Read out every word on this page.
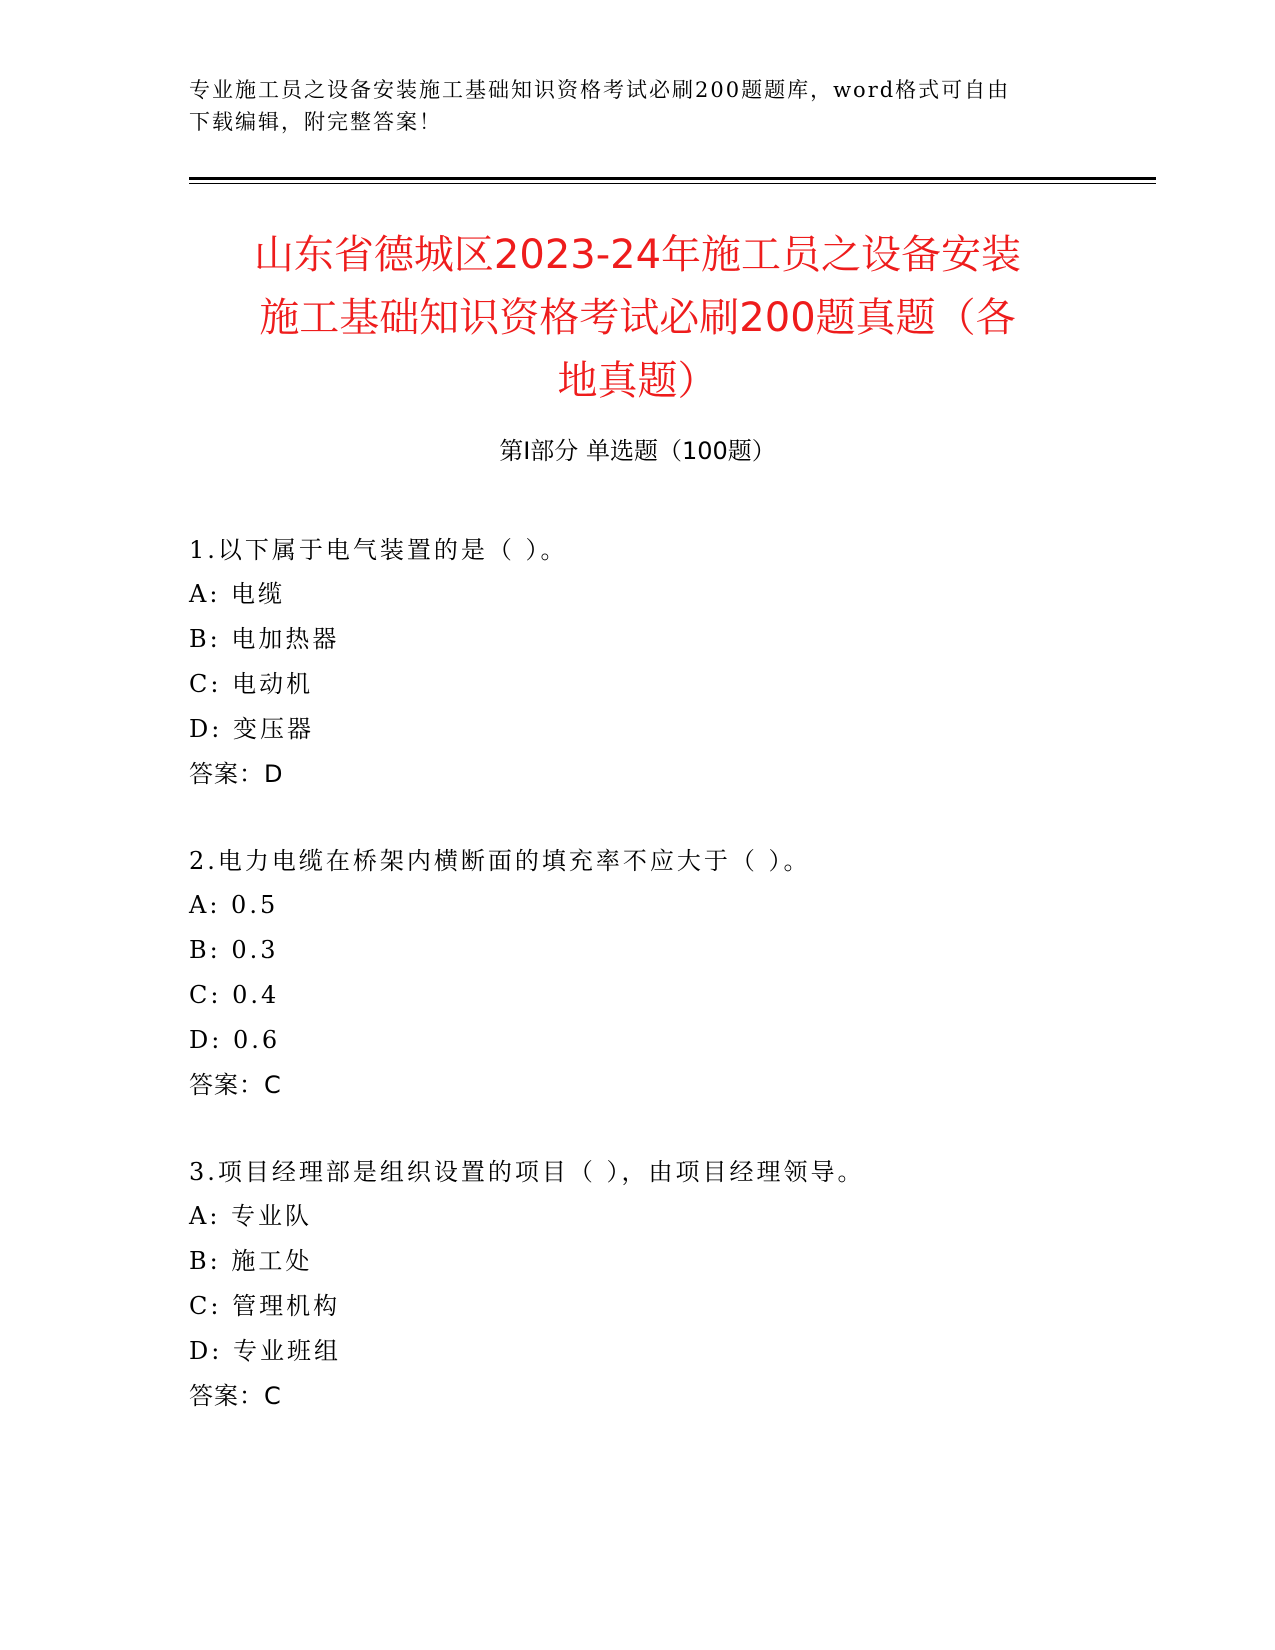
专业施工员之设备安装施工基础知识资格考试必刷200题题库，word格式可自由
下载编辑，附完整答案！
山东省德城区2023-24年施工员之设备安装
施工基础知识资格考试必刷200题真题（各
地真题）
第Ⅰ部分 单选题（100题）
1.以下属于电气装置的是（ ）。
A: 电缆
B: 电加热器
C: 电动机
D: 变压器
答案：D
2.电力电缆在桥架内横断面的填充率不应大于（ ）。
A: 0.5
B: 0.3
C: 0.4
D: 0.6
答案：C
3.项目经理部是组织设置的项目（ ），由项目经理领导。
A: 专业队
B: 施工处
C: 管理机构
D: 专业班组
答案：C
